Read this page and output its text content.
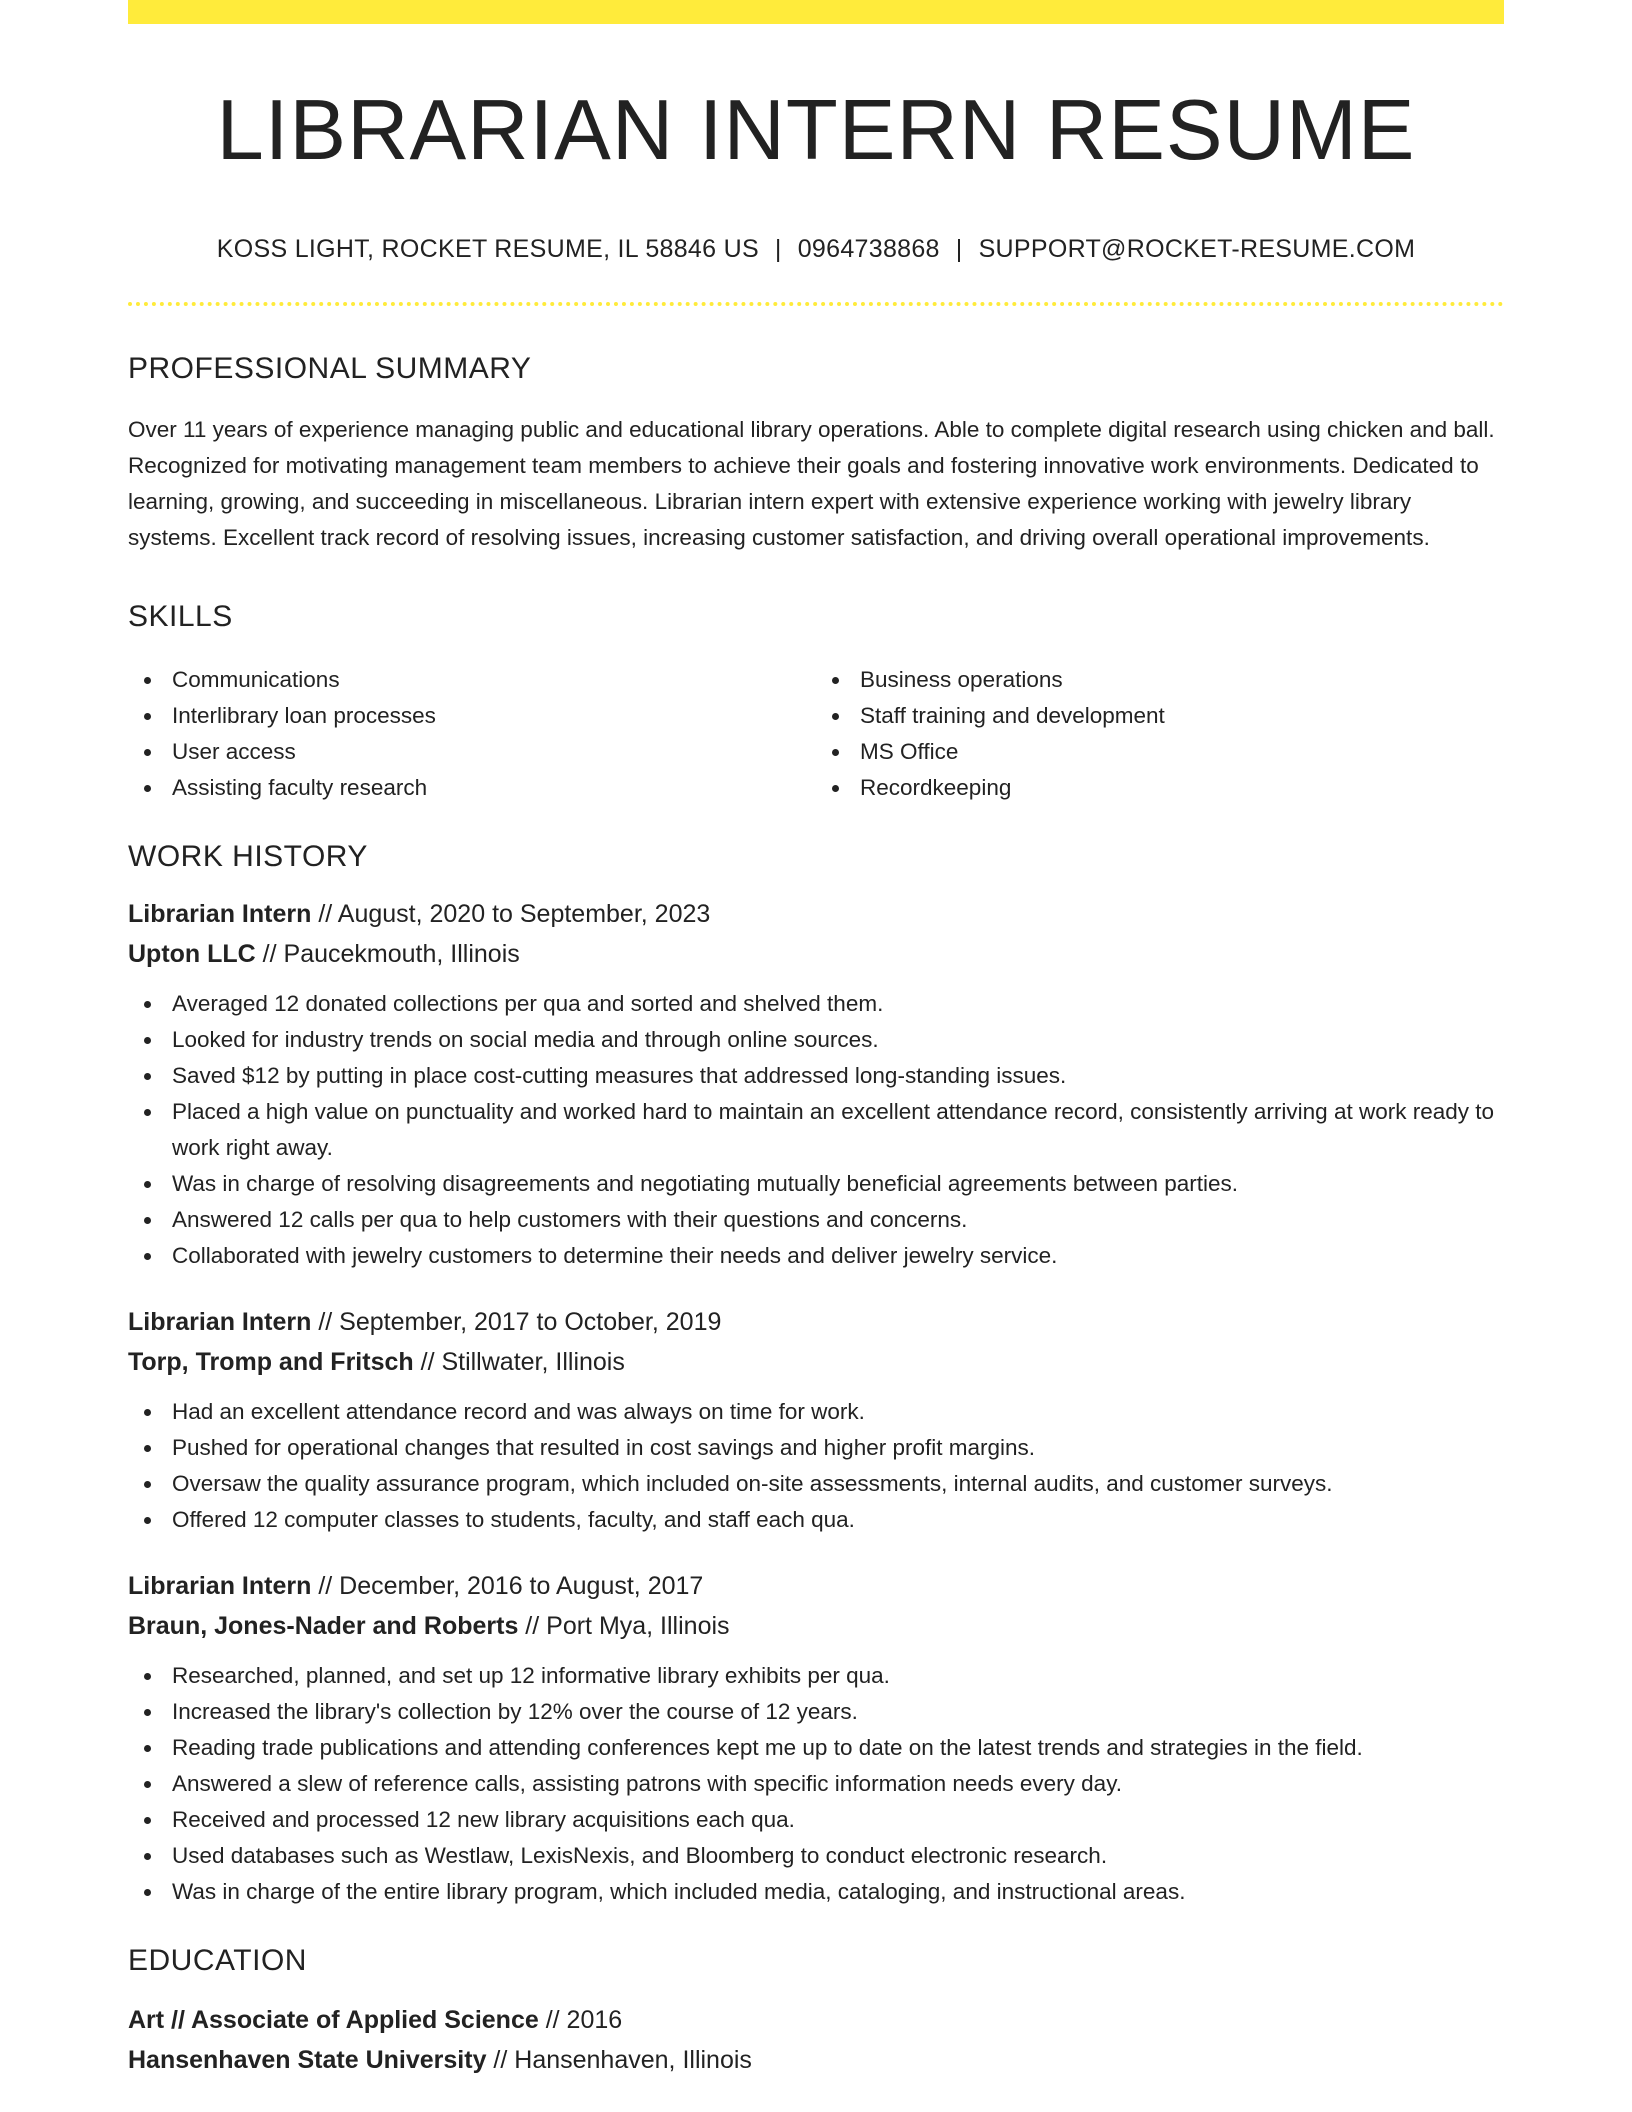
LIBRARIAN INTERN RESUME
KOSS LIGHT, ROCKET RESUME, IL 58846 US | 0964738868 | SUPPORT@ROCKET-RESUME.COM
PROFESSIONAL SUMMARY

Over 11 years of experience managing public and educational library operations. Able to complete digital research using chicken and ball. Recognized for motivating management team members to achieve their goals and fostering innovative work environments. Dedicated to learning, growing, and succeeding in miscellaneous. Librarian intern expert with extensive experience working with jewelry library systems. Excellent track record of resolving issues, increasing customer satisfaction, and driving overall operational improvements.

SKILLS
Communications
Interlibrary loan processes
User access
Assisting faculty research
Business operations
Staff training and development
MS Office
Recordkeeping
WORK HISTORY
Librarian Intern // August, 2020 to September, 2023
Upton LLC // Paucekmouth, Illinois
Averaged 12 donated collections per qua and sorted and shelved them.
Looked for industry trends on social media and through online sources.
Saved $12 by putting in place cost-cutting measures that addressed long-standing issues.
Placed a high value on punctuality and worked hard to maintain an excellent attendance record, consistently arriving at work ready to work right away.
Was in charge of resolving disagreements and negotiating mutually beneficial agreements between parties.
Answered 12 calls per qua to help customers with their questions and concerns.
Collaborated with jewelry customers to determine their needs and deliver jewelry service.
Librarian Intern // September, 2017 to October, 2019
Torp, Tromp and Fritsch // Stillwater, Illinois
Had an excellent attendance record and was always on time for work.
Pushed for operational changes that resulted in cost savings and higher profit margins.
Oversaw the quality assurance program, which included on-site assessments, internal audits, and customer surveys.
Offered 12 computer classes to students, faculty, and staff each qua.
Librarian Intern // December, 2016 to August, 2017
Braun, Jones-Nader and Roberts // Port Mya, Illinois
Researched, planned, and set up 12 informative library exhibits per qua.
Increased the library's collection by 12% over the course of 12 years.
Reading trade publications and attending conferences kept me up to date on the latest trends and strategies in the field.
Answered a slew of reference calls, assisting patrons with specific information needs every day.
Received and processed 12 new library acquisitions each qua.
Used databases such as Westlaw, LexisNexis, and Bloomberg to conduct electronic research.
Was in charge of the entire library program, which included media, cataloging, and instructional areas.
EDUCATION
Art // Associate of Applied Science // 2016
Hansenhaven State University // Hansenhaven, Illinois
